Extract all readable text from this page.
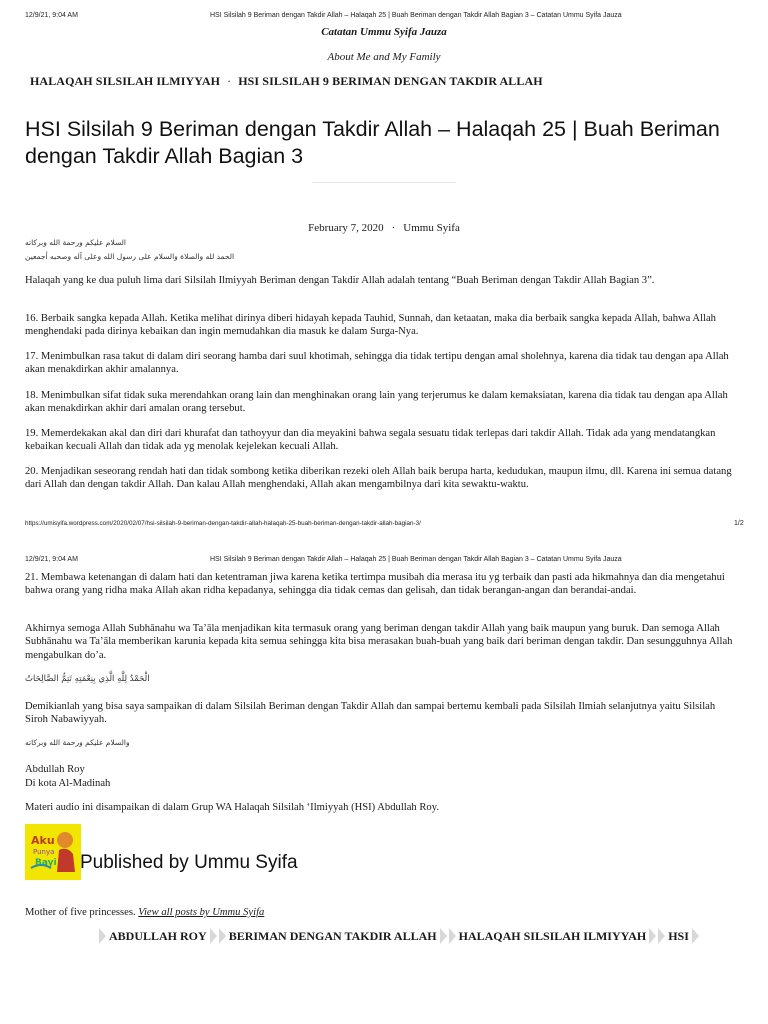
12/9/21, 9:04 AM	HSI Silsilah 9 Beriman dengan Takdir Allah – Halaqah 25 | Buah Beriman dengan Takdir Allah Bagian 3 – Catatan Ummu Syifa Jauza
Catatan Ummu Syifa Jauza
About Me and My Family
HALAQAH SILSILAH ILMIYYAH · HSI SILSILAH 9 BERIMAN DENGAN TAKDIR ALLAH
HSI Silsilah 9 Beriman dengan Takdir Allah – Halaqah 25 | Buah Beriman dengan Takdir Allah Bagian 3
February 7, 2020 · Ummu Syifa
السلام عليكم ورحمة الله وبركاته
الحمد لله والصلاة والسلام على رسول الله وعلى آله وصحبه أجمعين
Halaqah yang ke dua puluh lima dari Silsilah Ilmiyyah Beriman dengan Takdir Allah adalah tentang “Buah Beriman dengan Takdir Allah Bagian 3”.
16. Berbaik sangka kepada Allah. Ketika melihat dirinya diberi hidayah kepada Tauhid, Sunnah, dan ketaatan, maka dia berbaik sangka kepada Allah, bahwa Allah menghendaki pada dirinya kebaikan dan ingin memudahkan dia masuk ke dalam Surga-Nya.
17. Menimbulkan rasa takut di dalam diri seorang hamba dari suul khotimah, sehingga dia tidak tertipu dengan amal sholehnya, karena dia tidak tau dengan apa Allah akan menakdirkan akhir amalannya.
18. Menimbulkan sifat tidak suka merendahkan orang lain dan menghinakan orang lain yang terjerumus ke dalam kemaksiatan, karena dia tidak tau dengan apa Allah akan menakdirkan akhir dari amalan orang tersebut.
19. Memerdekakan akal dan diri dari khurafat dan tathoyyur dan dia meyakini bahwa segala sesuatu tidak terlepas dari takdir Allah. Tidak ada yang mendatangkan kebaikan kecuali Allah dan tidak ada yg menolak kejelekan kecuali Allah.
20. Menjadikan seseorang rendah hati dan tidak sombong ketika diberikan rezeki oleh Allah baik berupa harta, kedudukan, maupun ilmu, dll. Karena ini semua datang dari Allah dan dengan takdir Allah. Dan kalau Allah menghendaki, Allah akan mengambilnya dari kita sewaktu-waktu.
https://umisyifa.wordpress.com/2020/02/07/hsi-silsilah-9-beriman-dengan-takdir-allah-halaqah-25-buah-beriman-dengan-takdir-allah-bagian-3/	1/2
12/9/21, 9:04 AM	HSI Silsilah 9 Beriman dengan Takdir Allah – Halaqah 25 | Buah Beriman dengan Takdir Allah Bagian 3 – Catatan Ummu Syifa Jauza
21. Membawa ketenangan di dalam hati dan ketentraman jiwa karena ketika tertimpa musibah dia merasa itu yg terbaik dan pasti ada hikmahnya dan dia mengetahui bahwa orang yang ridha maka Allah akan ridha kepadanya, sehingga dia tidak cemas dan gelisah, dan tidak berangan-angan dan berandai-andai.
Akhirnya semoga Allah Subhānahu wa Ta’āla menjadikan kita termasuk orang yang beriman dengan takdir Allah yang baik maupun yang buruk. Dan semoga Allah Subhānahu wa Ta’āla memberikan karunia kepada kita semua sehingga kita bisa merasakan buah-buah yang baik dari beriman dengan takdir. Dan sesungguhnya Allah mengabulkan do’a.
الْحَمْدُ لِلَّهِ الَّذِي بِنِعْمَتِهِ تَتِمُّ الصَّالِحَاتُ
Demikianlah yang bisa saya sampaikan di dalam Silsilah Beriman dengan Takdir Allah dan sampai bertemu kembali pada Silsilah Ilmiah selanjutnya yaitu Silsilah Siroh Nabawiyyah.
والسلام عليكم ورحمة الله وبركاته
Abdullah Roy
Di kota Al-Madinah
Materi audio ini disampaikan di dalam Grup WA Halaqah Silsilah ‘Ilmiyyah (HSI) Abdullah Roy.
Aku
Punya
Bayi Published by Ummu Syifa
Mother of five princesses. View all posts by Ummu Syifa
ABDULLAH ROY BERIMAN DENGAN TAKDIR ALLAH HALAQAH SILSILAH ILMIYYAH HSI
